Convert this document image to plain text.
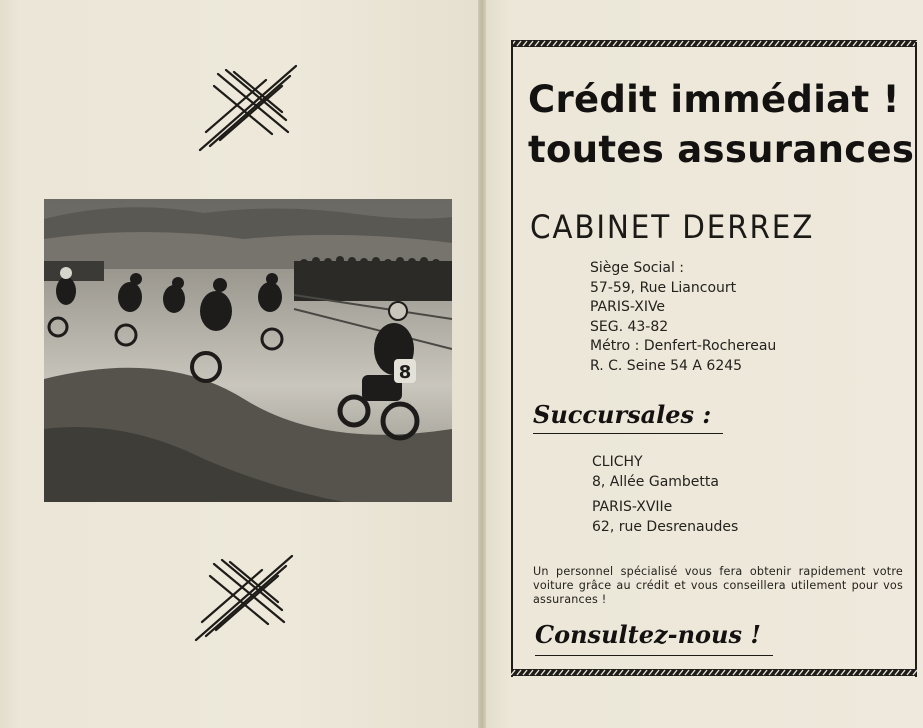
8
Crédit immédiat !
toutes assurances
CABINET DERREZ
Siège Social :
57-59, Rue Liancourt
PARIS-XIVe
SEG. 43-82
Métro : Denfert-Rochereau
R. C. Seine 54 A 6245
Succursales :
CLICHY
8, Allée Gambetta
PARIS-XVIIe
62, rue Desrenaudes
Un personnel spécialisé vous fera obtenir rapidement votre voiture grâce au crédit et vous conseillera utilement pour vos assurances !
Consultez-nous !
